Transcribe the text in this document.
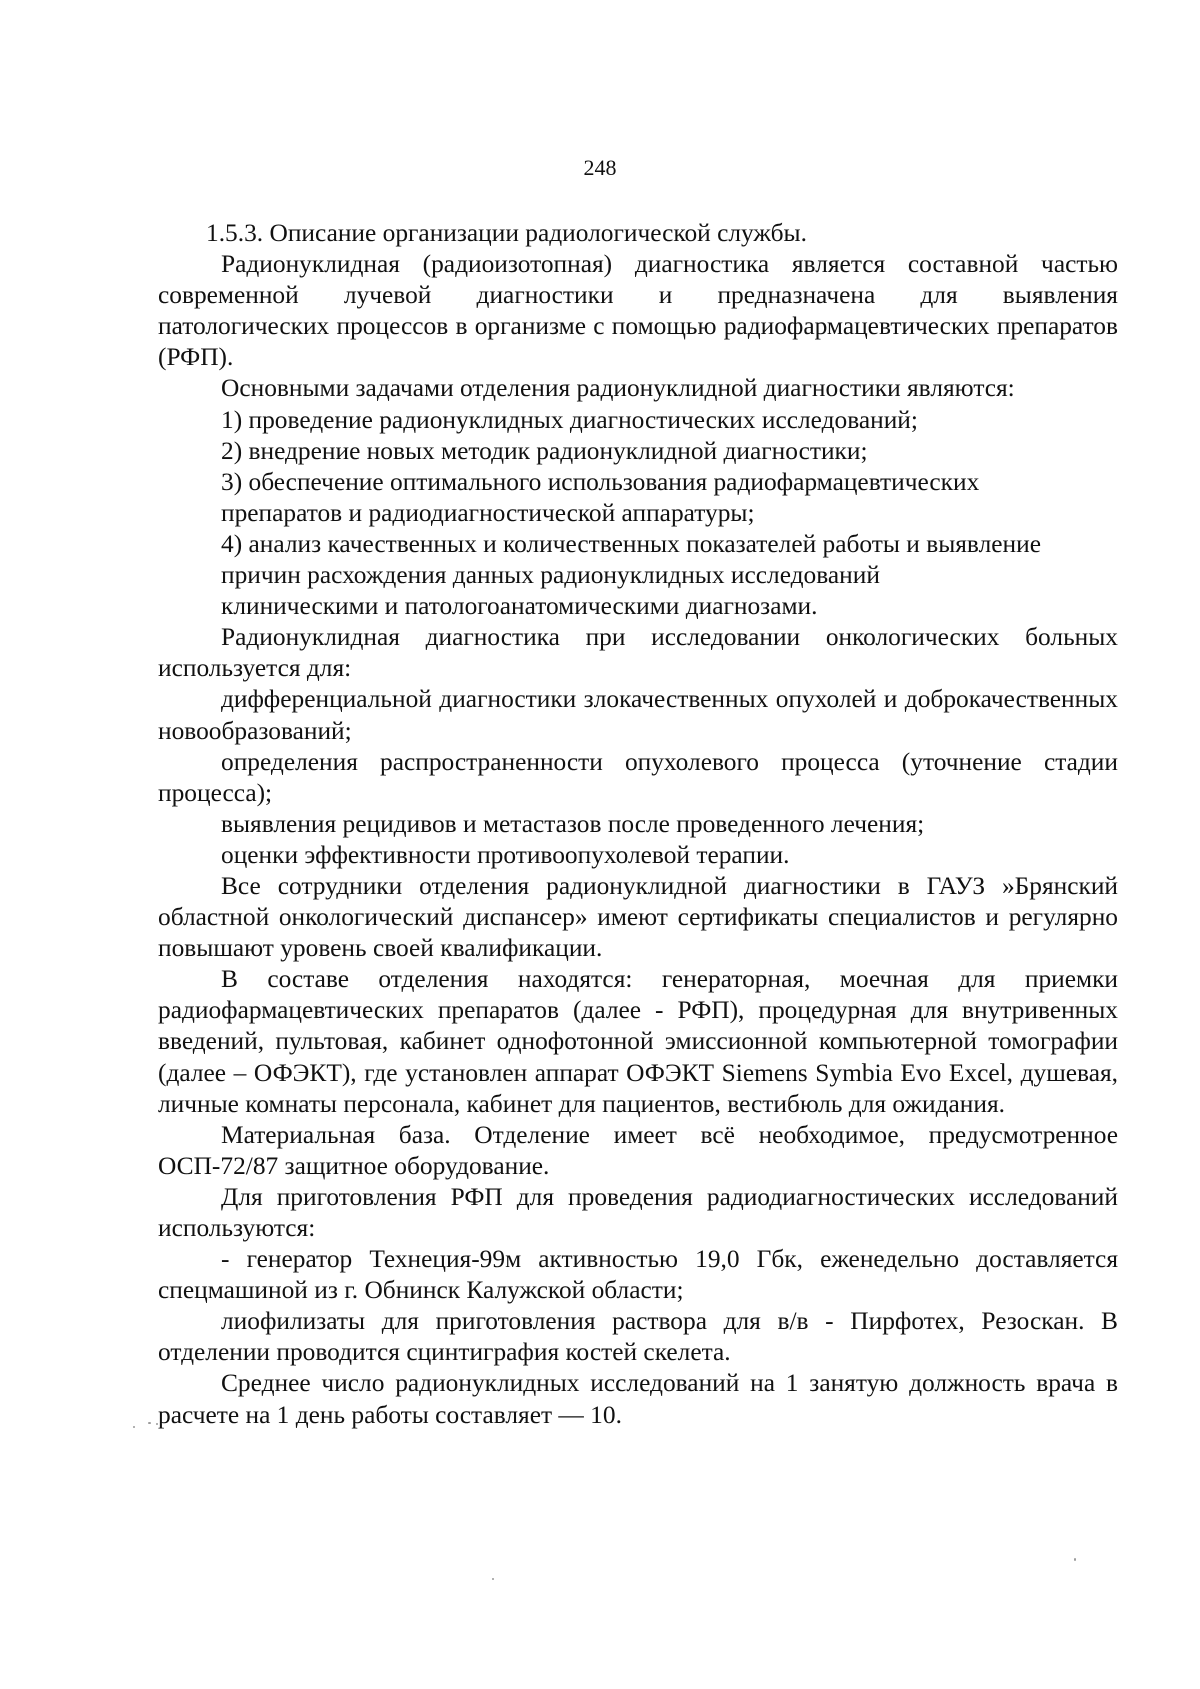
248

1.5.3. Описание организации радиологической службы.

Радионуклидная (радиоизотопная) диагностика является составной частью современной лучевой диагностики и предназначена для выявления

патологических процессов в организме с помощью радиофармацевтических препаратов (РФП).

Основными задачами отделения радионуклидной диагностики являются:

1) проведение радионуклидных диагностических исследований;

2) внедрение новых методик радионуклидной диагностики;

3) обеспечение оптимального использования радиофармацевтических

препаратов и радиодиагностической аппаратуры;

4) анализ качественных и количественных показателей работы и выявление

причин расхождения данных радионуклидных исследований

клиническими и патологоанатомическими диагнозами.

Радионуклидная диагностика при исследовании онкологических больных используется для:

дифференциальной диагностики злокачественных опухолей и доброкачественных новообразований;

определения распространенности опухолевого процесса (уточнение стадии процесса);

выявления рецидивов и метастазов после проведенного лечения;

оценки эффективности противоопухолевой терапии.

Все сотрудники отделения радионуклидной диагностики в ГАУЗ »Брянский областной онкологический диспансер» имеют сертификаты специалистов и регулярно повышают уровень своей квалификации.

В составе отделения находятся: генераторная, моечная для приемки радиофармацевтических препаратов (далее - РФП), процедурная для внутривенных введений, пультовая, кабинет однофотонной эмиссионной компьютерной томографии (далее – ОФЭКТ), где установлен аппарат ОФЭКТ Siemens Symbia Evo Excel, душевая, личные комнаты персонала, кабинет для пациентов, вестибюль для ожидания.

Материальная база. Отделение имеет всё необходимое, предусмотренное ОСП-72/87 защитное оборудование.

Для приготовления РФП для проведения радиодиагностических исследований используются:

- генератор Технеция-99м активностью 19,0 Гбк, еженедельно доставляется спецмашиной из г. Обнинск Калужской области;

лиофилизаты для приготовления раствора для в/в - Пирфотех, Резоскан. В отделении проводится сцинтиграфия костей скелета.

Среднее число радионуклидных исследований на 1 занятую должность врача в расчете на 1 день работы составляет — 10.
